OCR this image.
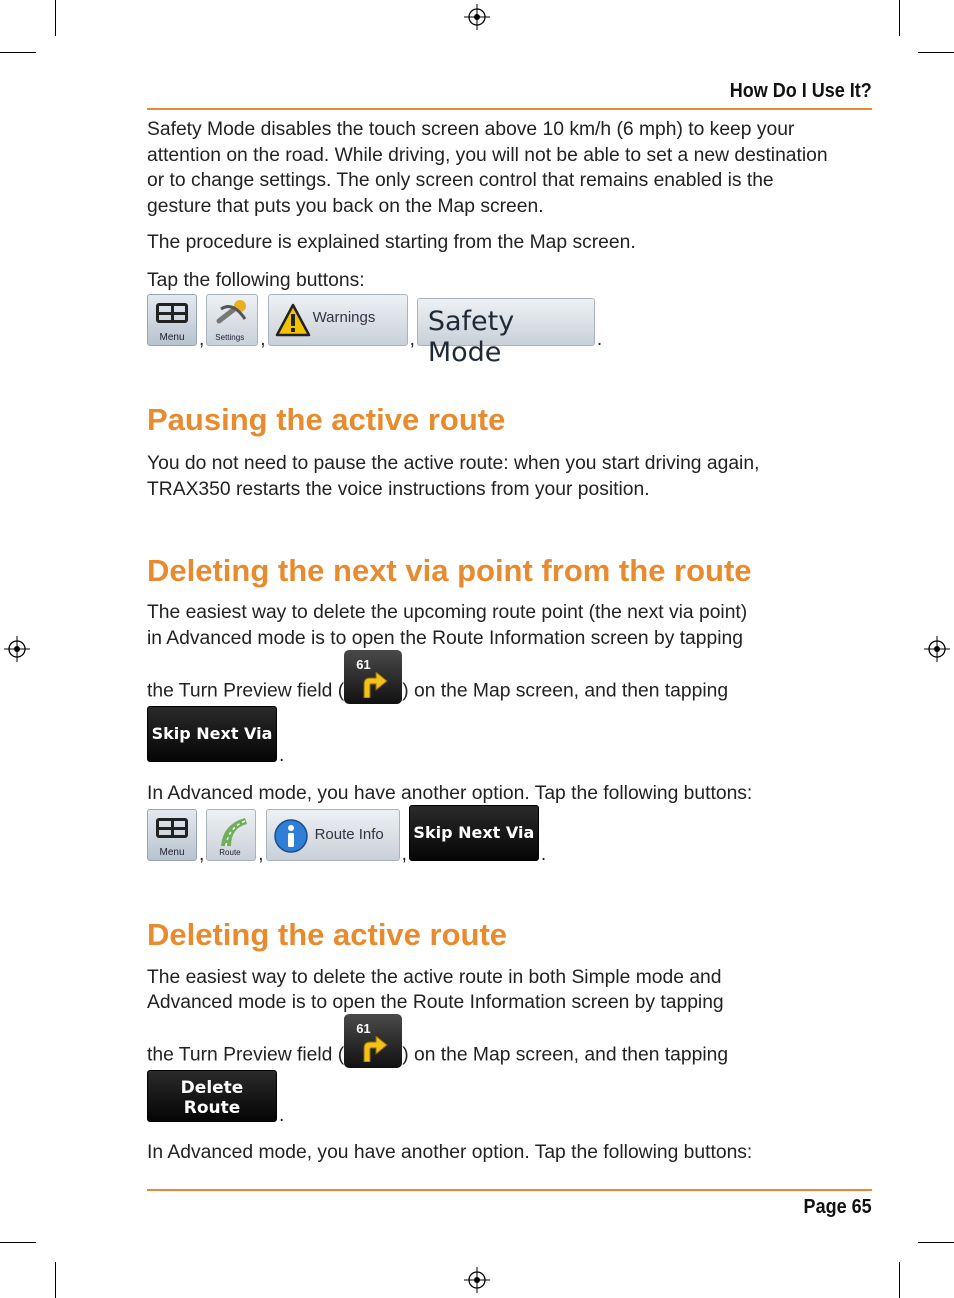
How Do I Use It?

Safety Mode disables the touch screen above 10 km/h (6 mph) to keep your attention on the road. While driving, you will not be able to set a new destination or to change settings. The only screen control that remains enabled is the gesture that puts you back on the Map screen.

The procedure is explained starting from the Map screen.
Tap the following buttons:
Menu , Settings ,
Warnings
,
Safety Mode	.
Pausing the active route
You do not need to pause the active route: when you start driving again, TRAX350 restarts the voice instructions from your position.
Deleting the next via point from the route
The easiest way to delete the upcoming route point (the next via point)
in Advanced mode is to open the Route Information screen by tapping
the Turn Preview field (
61
) on the Map screen, and then tapping
Skip Next Via
.
In Advanced mode, you have another option. Tap the following buttons:
Menu , Route ,
Route Info
,
Skip Next Via
.
Deleting the active route
The easiest way to delete the active route in both Simple mode and
Advanced mode is to open the Route Information screen by tapping
the Turn Preview field (
61
) on the Map screen, and then tapping
Delete
Route	.
In Advanced mode, you have another option. Tap the following buttons:
Page 65
